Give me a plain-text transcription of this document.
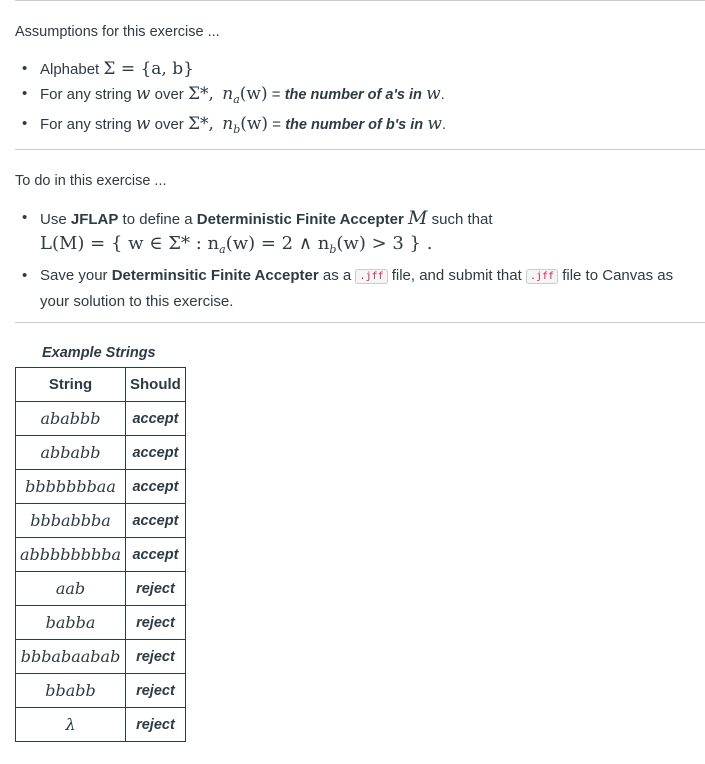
Assumptions for this exercise ...
• Alphabet Σ = {a, b}
• For any string w over Σ*, $n_a(w)$ = the number of a's in w.
• For any string w over Σ*, $n_b(w)$ = the number of b's in w.
To do in this exercise ...
• Use JFLAP to define a Deterministic Finite Accepter M such that
L(M) = { w ∈ Σ* : $n_a(w) = 2$ ∧ $n_b(w) > 3$ } .
• Save your Determinsitic Finite Accepter as a .jff file, and submit that .jff file to Canvas as
your solution to this exercise.
Example Strings
String	Should
ababbb	accept
abbabb	accept
bbbbbbbaa	accept
bbbabbba	accept
abbbbbbbba	accept
aab	reject
babba	reject
bbbabaabab	reject
bbabb	reject
λ	reject
